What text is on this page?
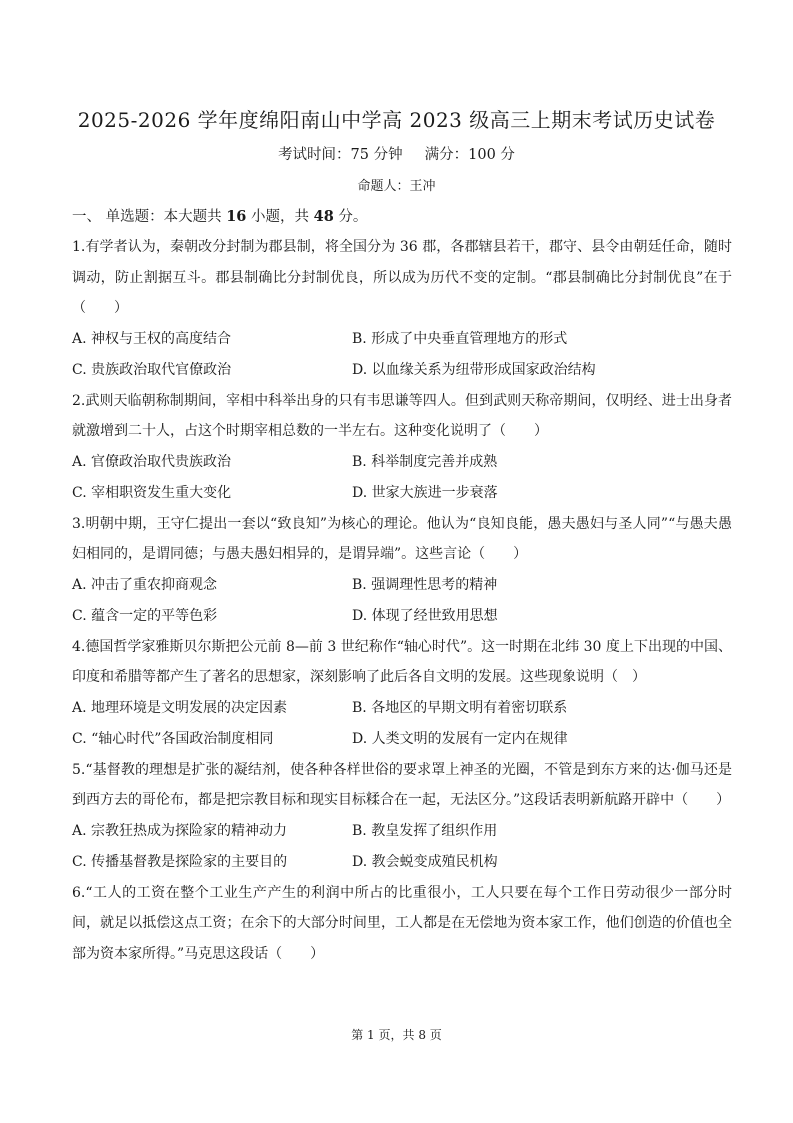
2025-2026 学年度绵阳南山中学高 2023 级高三上期末考试历史试卷
考试时间：75 分钟 满分：100 分
命题人：王冲
一、 单选题：本大题共 16 小题，共 48 分。
1.有学者认为，秦朝改分封制为郡县制，将全国分为 36 郡，各郡辖县若干，郡守、县令由朝廷任命，随时调动，防止割据互斗。郡县制确比分封制优良，所以成为历代不变的定制。“郡县制确比分封制优良”在于（　　）
A. 神权与王权的高度结合	B. 形成了中央垂直管理地方的形式
C. 贵族政治取代官僚政治	D. 以血缘关系为纽带形成国家政治结构
2.武则天临朝称制期间，宰相中科举出身的只有韦思谦等四人。但到武则天称帝期间，仅明经、进士出身者就激增到二十人，占这个时期宰相总数的一半左右。这种变化说明了（　　）
A. 官僚政治取代贵族政治	B. 科举制度完善并成熟
C. 宰相职资发生重大变化	D. 世家大族进一步衰落
3.明朝中期，王守仁提出一套以“致良知”为核心的理论。他认为“良知良能，愚夫愚妇与圣人同”“与愚夫愚妇相同的，是谓同德；与愚夫愚妇相异的，是谓异端”。这些言论（　　）
A. 冲击了重农抑商观念	B. 强调理性思考的精神
C. 蕴含一定的平等色彩	D. 体现了经世致用思想
4.德国哲学家雅斯贝尔斯把公元前 8—前 3 世纪称作“轴心时代”。这一时期在北纬 30 度上下出现的中国、印度和希腊等都产生了著名的思想家，深刻影响了此后各自文明的发展。这些现象说明（　）
A. 地理环境是文明发展的决定因素	B. 各地区的早期文明有着密切联系
C. “轴心时代”各国政治制度相同	D. 人类文明的发展有一定内在规律
5.“基督教的理想是扩张的凝结剂，使各种各样世俗的要求罩上神圣的光圈，不管是到东方来的达·伽马还是到西方去的哥伦布，都是把宗教目标和现实目标糅合在一起，无法区分。”这段话表明新航路开辟中（　　）
A. 宗教狂热成为探险家的精神动力	B. 教皇发挥了组织作用
C. 传播基督教是探险家的主要目的	D. 教会蜕变成殖民机构
6.“工人的工资在整个工业生产产生的利润中所占的比重很小，工人只要在每个工作日劳动很少一部分时间，就足以抵偿这点工资；在余下的大部分时间里，工人都是在无偿地为资本家工作，他们创造的价值也全部为资本家所得。”马克思这段话（　　）
第 1 页，共 8 页
